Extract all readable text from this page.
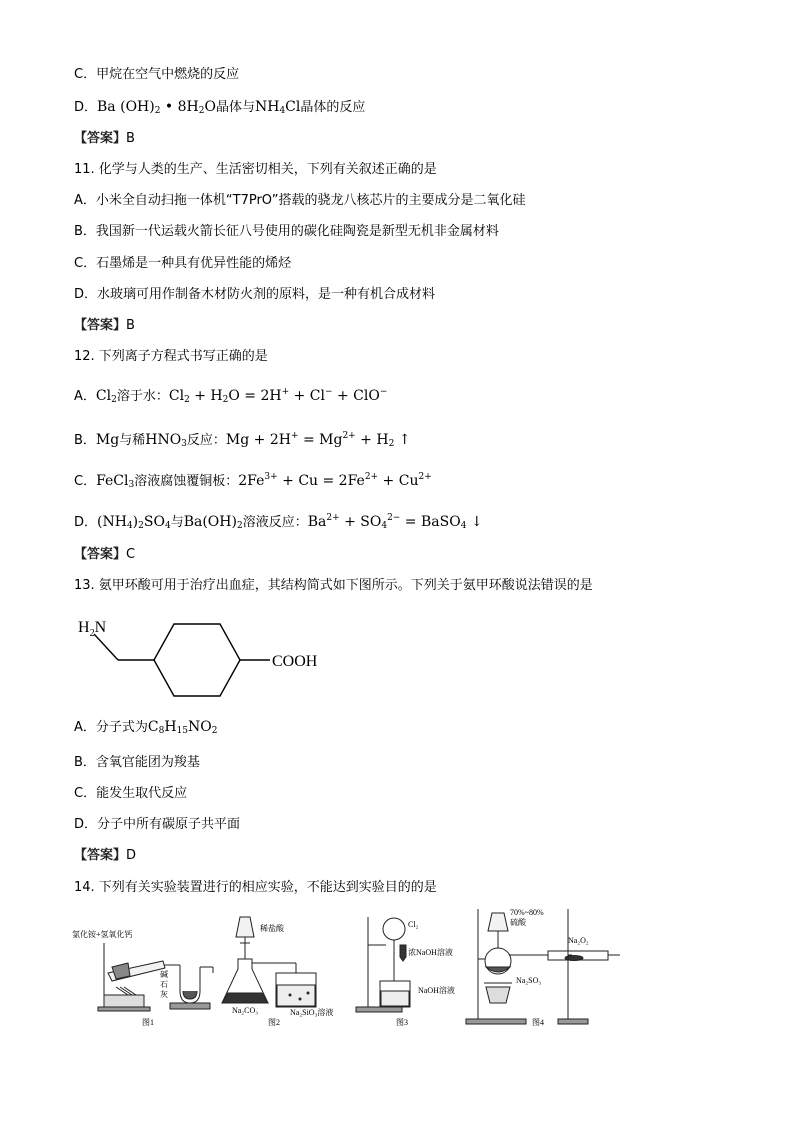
C．甲烷在空气中燃烧的反应
D．Ba $(OH)_2$ • $8H_2O$晶体与$NH_4Cl$晶体的反应
【答案】B
11. 化学与人类的生产、生活密切相关，下列有关叙述正确的是
A．小米全自动扫拖一体机“T7PrO”搭载的骁龙八核芯片的主要成分是二氧化硅
B．我国新一代运载火箭长征八号使用的碳化硅陶瓷是新型无机非金属材料
C．石墨烯是一种具有优异性能的烯烃
D．水玻璃可用作制备木材防火剂的原料，是一种有机合成材料
【答案】B
12. 下列离子方程式书写正确的是
A．$Cl_2$溶于水：$Cl_2 + H_2O = 2H^+ + Cl^- + ClO^-$
B．Mg与稀$HNO_3$反应：$Mg + 2H^+ = Mg^{2+} + H_2$ ↑
C．FeCl$_3$溶液腐蚀覆铜板：$2Fe^{3+} + Cu = 2Fe^{2+} + Cu^{2+}$
D．$(NH_4)_2SO_4$与$Ba(OH)_2$溶液反应：$Ba^{2+} + SO_4^{2-}$ = BaSO$_4$ ↓
【答案】C
13. 氨甲环酸可用于治疗出血症，其结构简式如下图所示。下列关于氨甲环酸说法错误的是
$H_2N$
COOH
A．分子式为$C_8H_{15}NO_2$
B．含氧官能团为羧基
C．能发生取代反应
D．分子中所有碳原子共平面
【答案】D
14. 下列有关实验装置进行的相应实验，不能达到实验目的的是
氯化铵+氢氧化钙
碱
石
灰
图1
稀盐酸
Na₂CO₃	Na₂SiO₃溶液
图2
Cl₂
浓NaOH溶液
NaOH溶液
图3
70%~80%
硫酸
Na₂O₂
Na₂SO₃
图4
